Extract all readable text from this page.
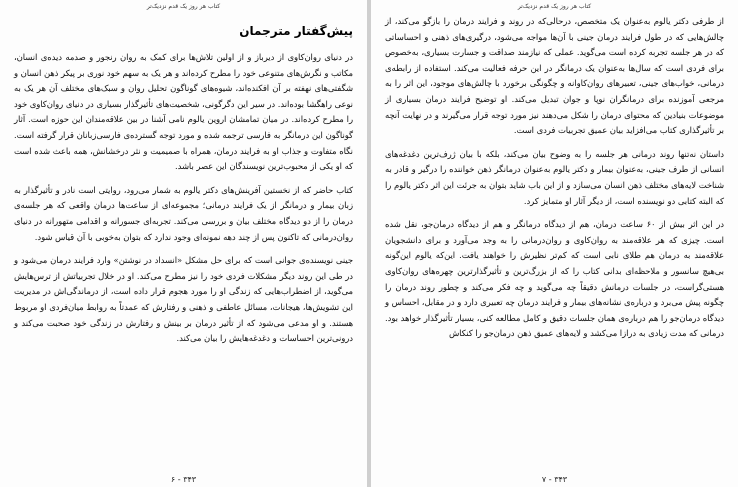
کتاب هر روز یک قدم نزدیک‌تر
پیش‌گفتار مترجمان

در دنیای روان‌کاوی از دیرباز و از اولین تلاش‌ها برای کمک به روان رنجور و صدمه دیده‌ی انسان، مکاتب و نگرش‌های متنوعی خود را مطرح کرده‌اند و هر یک به سهم خود نوری بر پیکر ذهن انسان و شگفتی‌های نهفته بر آن افکنده‌اند، شیوه‌های گوناگون تحلیل روان و سبک‌های مختلف آن هر یک به نوعی راهگشا بوده‌اند. در سیر این دگرگونی، شخصیت‌های تأثیرگذار بسیاری در دنیای روان‌کاوی خود را مطرح کرده‌اند. در میان تمامشان اروین یالوم نامی آشنا در بین علاقه‌مندان این حوزه است. آثار گوناگون این درمانگر به فارسی ترجمه شده و مورد توجه گسترده‌ی فارسی‌زبانان قرار گرفته است. نگاه متفاوت و جذاب او به فرایند درمان، همراه با صمیمیت و نثر درخشانش، همه باعث شده است که او یکی از محبوب‌ترین نویسندگان این عصر باشد.

کتاب حاضر که از نخستین آفرینش‌های دکتر یالوم به شمار می‌رود، روایتی است نادر و تأثیرگذار به زبان بیمار و درمانگر از یک فرایند درمانی؛ مجموعه‌ای از ساعت‌ها درمان واقعی که هر جلسه‌ی درمان را از دو دیدگاه مختلف بیان و بررسی می‌کند. تجربه‌ای جسورانه و اقدامی متهورانه در دنیای روان‌درمانی که تاکنون پس از چند دهه نمونه‌ای وجود ندارد که بتوان به‌خوبی با آن قیاس شود.

جینی نویسنده‌ی جوانی است که برای حل مشکل «انسداد در نوشتن» وارد فرایند درمان می‌شود و در طی این روند دیگر مشکلات فردی خود را نیز مطرح می‌کند. او در خلال تجربیاتش از ترس‌هایش می‌گوید، از اضطراب‌هایی که زندگی او را مورد هجوم قرار داده است، از درماندگی‌اش در مدیریت این تشویش‌ها، هیجانات، مسائل عاطفی و ذهنی و رفتارش که عمدتاً به روابط میان‌فردی او مربوط هستند. و او مدعی می‌شود که از تأثیر درمان بر بینش و رفتارش در زندگی خود صحبت می‌کند و درونی‌ترین احساسات و دغدغه‌هایش را بیان می‌کند.

۳۴۳ - ۶
کتاب هر روز یک قدم نزدیک‌تر

از طرفی دکتر یالوم به‌عنوان یک متخصص، درحالی‌که در روند و فرایند درمان را بازگو می‌کند، از چالش‌هایی که در طول فرایند درمان جینی با آن‌ها مواجه می‌شود، درگیری‌های ذهنی و احساساتی که در هر جلسه تجربه کرده است می‌گوید. عملی که نیازمند صداقت و جسارت بسیاری، به‌خصوص برای فردی است که سال‌ها به‌عنوان یک درمانگر در این حرفه فعالیت می‌کند. استفاده از رابطه‌ی درمانی، خواب‌های جینی، تعبیرهای روان‌کاوانه و چگونگی برخورد با چالش‌های موجود، این اثر را به مرجعی آموزنده برای درمانگران نوپا و جوان تبدیل می‌کند. او توضیح فرایند درمان بسیاری از موضوعات بنیادین که محتوای درمان را شکل می‌دهند نیز مورد توجه قرار می‌گیرند و در نهایت آنچه بر تأثیرگذاری کتاب می‌افزاید بیان عمیق تجربیات فردی است.

داستان نه‌تنها روند درمانی هر جلسه را به وضوح بیان می‌کند، بلکه با بیان ژرف‌ترین دغدغه‌های انسانی از طرف جینی، به‌عنوان بیمار و دکتر یالوم به‌عنوان درمانگر ذهن خواننده را درگیر و قادر به شناخت لایه‌های مختلف ذهن انسان می‌سازد و از این باب شاید بتوان به جرئت این اثر دکتر یالوم را که البته کتابی دو نویسنده است، از دیگر آثار او متمایز کرد.

در این اثر بیش از ۶۰ ساعت درمان، هم از دیدگاه درمانگر و هم از دیدگاه درمان‌جو، نقل شده است. چیزی که هر علاقه‌مند به روان‌کاوی و روان‌درمانی را به وجد می‌آورد و برای دانشجویان علاقه‌مند به درمان هم طلای نابی است که کم‌تر نظیرش را خواهند یافت. این‌که یالوم این‌گونه بی‌هیچ سانسور و ملاحظه‌ای بدانی کتاب را که از بزرگ‌ترین و تأثیرگذارترین چهره‌های روان‌کاوی هستی‌گراست، در جلسات درمانش دقیقاً چه می‌گوید و چه فکر می‌کند و چطور روند درمان را چگونه پیش می‌برد و درباره‌ی نشانه‌های بیمار و فرایند درمان چه تعبیری دارد و در مقابل، احساس و دیدگاه درمان‌جو را هم درباره‌ی همان جلسات دقیق و کامل مطالعه کنی، بسیار تأثیرگذار خواهد بود. درمانی که مدت زیادی به درازا می‌کشد و لایه‌های عمیق ذهن درمان‌جو را کنکاش

۳۴۳ - ۷
